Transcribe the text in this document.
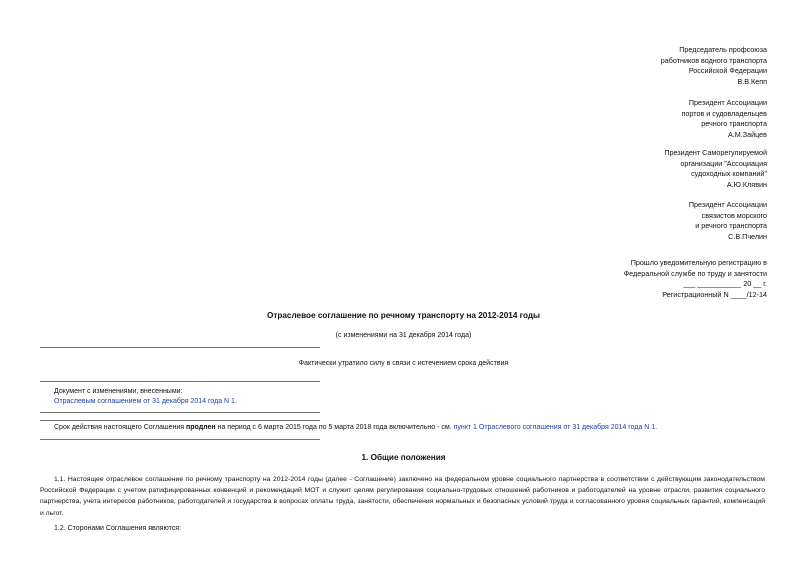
Председатель профсоюза
работников водного транспорта
Российской Федерации
В.В.Кепп
Президент Ассоциации
портов и судовладельцев
речного транспорта
А.М.Зайцев
Президент Саморегулируемой
организации "Ассоциация
судоходных компаний"
А.Ю.Клявин
Президент Ассоциации
связистов морского
и речного транспорта
С.В.Пчелин
Прошло уведомительную регистрацию в
Федеральной службе по труду и занятости
___ ___________ 20 __ г.
Регистрационный N ____/12-14
Отраслевое соглашение по речному транспорту на 2012-2014 годы
(с изменениями на 31 декабря 2014 года)
Фактически утратило силу в связи с истечением срока действия
Документ с изменениями, внесенными:
Отраслевым соглашением от 31 декабря 2014 года N 1.
Срок действия настоящего Соглашения продлен на период с 6 марта 2015 года по 5 марта 2018 года включительно - см. пункт 1 Отраслевого соглашения от 31 декабря 2014 года N 1.
1. Общие положения
1.1. Настоящее отраслевое соглашение по речному транспорту на 2012-2014 годы (далее - Соглашение) заключено на федеральном уровне социального партнерства в соответствии с действующим законодательством Российской Федерации с учетом ратифицированных конвенций и рекомендаций МОТ и служит целям регулирования социально-трудовых отношений работников и работодателей на уровне отрасли, развития социального партнерства, учета интересов работников, работодателей и государства в вопросах оплаты труда, занятости, обеспечения нормальных и безопасных условий труда и согласованного уровня социальных гарантий, компенсаций и льгот.
1.2. Сторонами Соглашения являются:
